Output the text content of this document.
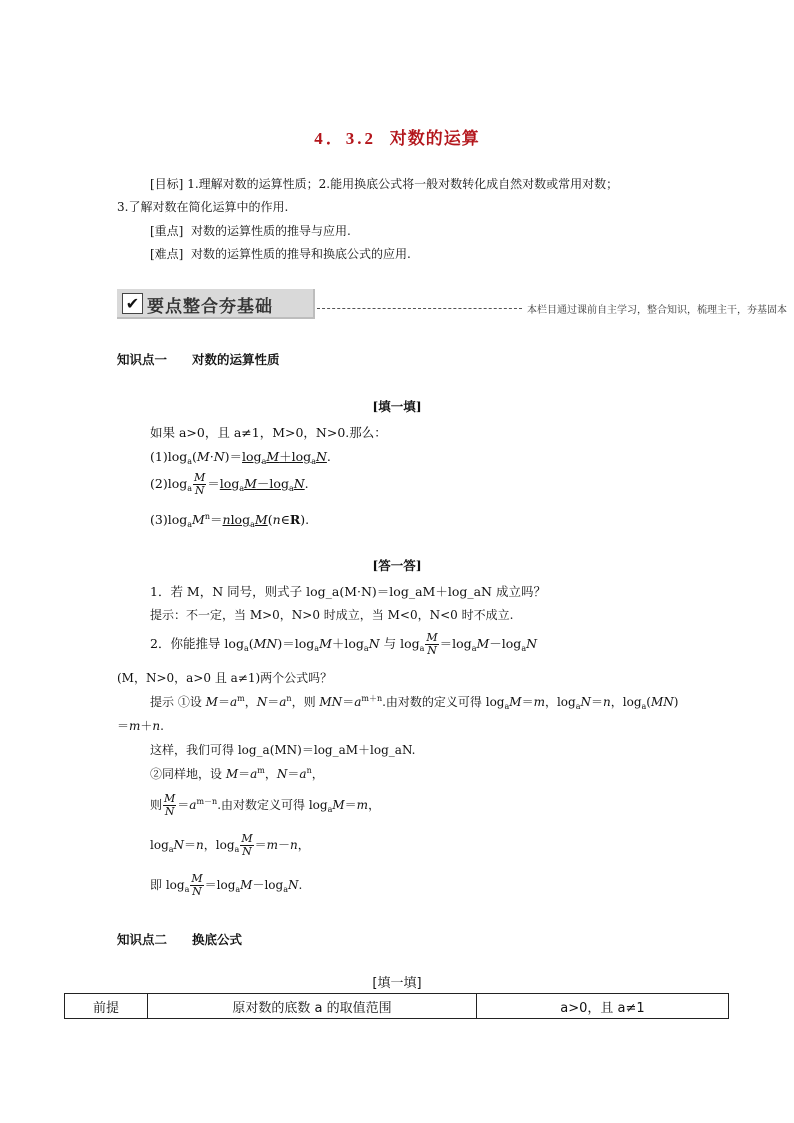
4．3.2 对数的运算
[目标] 1.理解对数的运算性质；2.能用换底公式将一般对数转化成自然对数或常用对数；
3.了解对数在简化运算中的作用.
[重点] 对数的运算性质的推导与应用.
[难点] 对数的运算性质的推导和换底公式的应用.
✔ 要点整合夯基础	本栏目通过课前自主学习，整合知识，梳理主干，夯基固本
知识点一　　对数的运算性质
[填一填]
如果 a>0，且 a≠1，M>0，N>0.那么：
$(1)\log_a(M\cdot N)=\log_aM+\log_aN$.
$(2)\log_a \frac{M}{N} =\log_aM-\log_aN$.
$(3)\log_aM^n=nlog_aM(n\in R)$.
[答一答]
1．若 M，N 同号，则式子 log_a(M·N)＝log_aM＋log_aN 成立吗？
提示：不一定，当 M>0，N>0 时成立，当 M<0，N<0 时不成立.
2．你能推导 $\log_a(MN)=\log_aM+\log_aN$ 与 $\log_a \frac{M}{N} =\log_aM-\log_aN$
(M，N>0，a>0 且 a≠1)两个公式吗？
提示 ①设 $M=a^m$，$N=a^n$，则 $MN=a^{m+n}$.由对数的定义可得 $\log_aM=m$，$\log_aN=n$，$\log_a(MN)$
＝m＋n.
这样，我们可得 log_a(MN)＝log_aM＋log_aN.
②同样地，设 $M=a^m$，$N=a^n$，
则 $\frac{M}{N} =a^{m-n}$.由对数定义可得 $\log_aM=m$，
$\log_aN=n$，$\log_a \frac{M}{N} =m-n$，
即 $\log_a \frac{M}{N} =\log_aM-\log_aN$.
知识点二　　换底公式
[填一填]
前提	原对数的底数 a 的取值范围	a>0，且 a≠1
